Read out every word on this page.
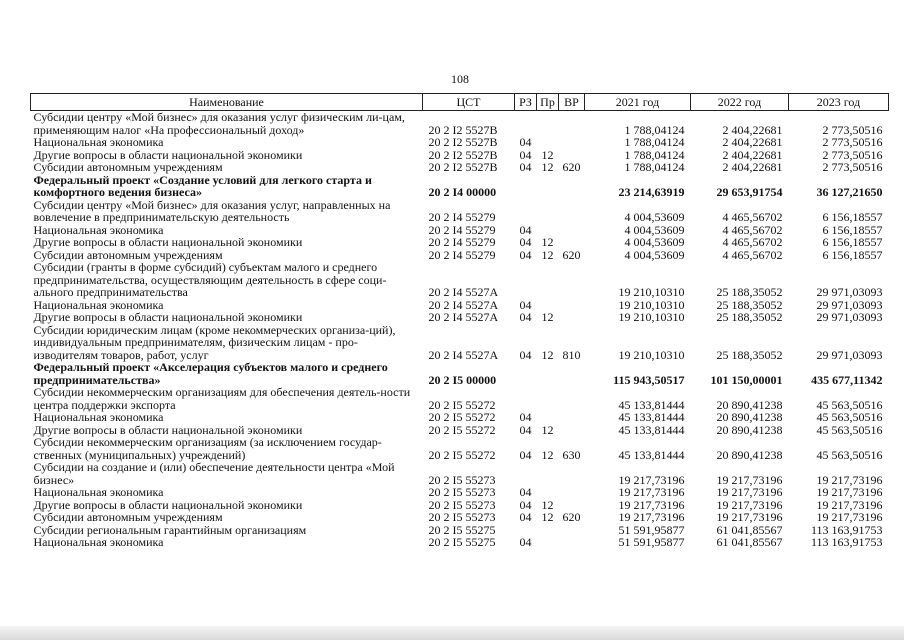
108
Наименование	ЦСТ	РЗ	Пр	ВР	2021 год	2022 год	2023 год
Субсидии центру «Мой бизнес» для оказания услуг физическим ли-цам, применяющим налог «На профессиональный доход»	20 2 I2 5527B				1 788,04124	2 404,22681	2 773,50516
Национальная экономика	20 2 I2 5527B	04			1 788,04124	2 404,22681	2 773,50516
Другие вопросы в области национальной экономики	20 2 I2 5527B	04	12		1 788,04124	2 404,22681	2 773,50516
Субсидии автономным учреждениям	20 2 I2 5527B	04	12	620	1 788,04124	2 404,22681	2 773,50516
Федеральный проект «Создание условий для легкого старта и комфортного ведения бизнеса»	20 2 I4 00000				23 214,63919	29 653,91754	36 127,21650
Субсидии центру «Мой бизнес» для оказания услуг, направленных на вовлечение в предпринимательскую деятельность	20 2 I4 55279				4 004,53609	4 465,56702	6 156,18557
Национальная экономика	20 2 I4 55279	04			4 004,53609	4 465,56702	6 156,18557
Другие вопросы в области национальной экономики	20 2 I4 55279	04	12		4 004,53609	4 465,56702	6 156,18557
Субсидии автономным учреждениям	20 2 I4 55279	04	12	620	4 004,53609	4 465,56702	6 156,18557
Субсидии (гранты в форме субсидий) субъектам малого и среднего предпринимательства, осуществляющим деятельность в сфере соци-ального предпринимательства	20 2 I4 5527A				19 210,10310	25 188,35052	29 971,03093
Национальная экономика	20 2 I4 5527A	04			19 210,10310	25 188,35052	29 971,03093
Другие вопросы в области национальной экономики	20 2 I4 5527A	04	12		19 210,10310	25 188,35052	29 971,03093
Субсидии юридическим лицам (кроме некоммерческих организа-ций), индивидуальным предпринимателям, физическим лицам - про-изводителям товаров, работ, услуг	20 2 I4 5527A	04	12	810	19 210,10310	25 188,35052	29 971,03093
Федеральный проект «Акселерация субъектов малого и среднего предпринимательства»	20 2 I5 00000				115 943,50517	101 150,00001	435 677,11342
Субсидии некоммерческим организациям для обеспечения деятель-ности центра поддержки экспорта	20 2 I5 55272				45 133,81444	20 890,41238	45 563,50516
Национальная экономика	20 2 I5 55272	04			45 133,81444	20 890,41238	45 563,50516
Другие вопросы в области национальной экономики	20 2 I5 55272	04	12		45 133,81444	20 890,41238	45 563,50516
Субсидии некоммерческим организациям (за исключением государ-ственных (муниципальных) учреждений)	20 2 I5 55272	04	12	630	45 133,81444	20 890,41238	45 563,50516
Субсидии на создание и (или) обеспечение деятельности центра «Мой бизнес»	20 2 I5 55273				19 217,73196	19 217,73196	19 217,73196
Национальная экономика	20 2 I5 55273	04			19 217,73196	19 217,73196	19 217,73196
Другие вопросы в области национальной экономики	20 2 I5 55273	04	12		19 217,73196	19 217,73196	19 217,73196
Субсидии автономным учреждениям	20 2 I5 55273	04	12	620	19 217,73196	19 217,73196	19 217,73196
Субсидии региональным гарантийным организациям	20 2 I5 55275				51 591,95877	61 041,85567	113 163,91753
Национальная экономика	20 2 I5 55275	04			51 591,95877	61 041,85567	113 163,91753
